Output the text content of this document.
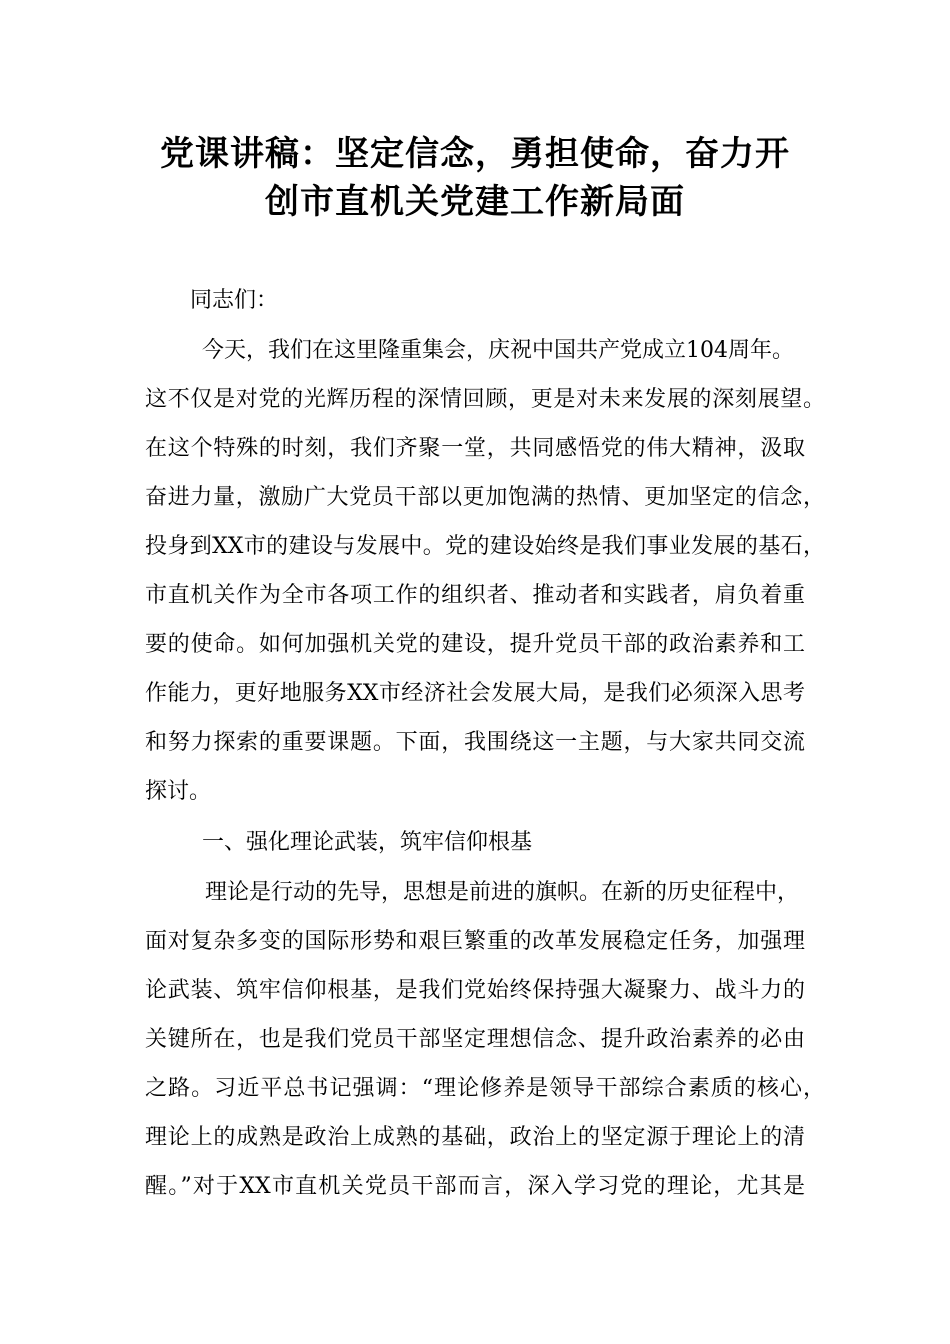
党课讲稿：坚定信念，勇担使命，奋力开
创市直机关党建工作新局面
同志们：
今天，我们在这里隆重集会，庆祝中国共产党成立104周年。
这不仅是对党的光辉历程的深情回顾，更是对未来发展的深刻展望。
在这个特殊的时刻，我们齐聚一堂，共同感悟党的伟大精神，汲取
奋进力量，激励广大党员干部以更加饱满的热情、更加坚定的信念，
投身到XX市的建设与发展中。党的建设始终是我们事业发展的基石，
市直机关作为全市各项工作的组织者、推动者和实践者，肩负着重
要的使命。如何加强机关党的建设，提升党员干部的政治素养和工
作能力，更好地服务XX市经济社会发展大局，是我们必须深入思考
和努力探索的重要课题。下面，我围绕这一主题，与大家共同交流
探讨。
一、强化理论武装，筑牢信仰根基
理论是行动的先导，思想是前进的旗帜。在新的历史征程中，
面对复杂多变的国际形势和艰巨繁重的改革发展稳定任务，加强理
论武装、筑牢信仰根基，是我们党始终保持强大凝聚力、战斗力的
关键所在，也是我们党员干部坚定理想信念、提升政治素养的必由
之路。习近平总书记强调：“理论修养是领导干部综合素质的核心，
理论上的成熟是政治上成熟的基础，政治上的坚定源于理论上的清
醒。”对于XX市直机关党员干部而言，深入学习党的理论，尤其是
